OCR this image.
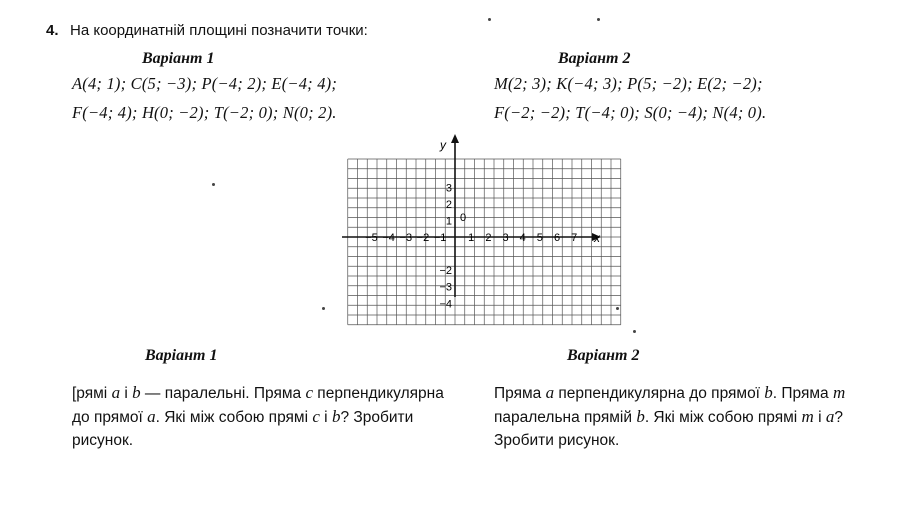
4. На координатній площині позначити точки:
Bapiaнт 1
A(4; 1); C(5; −3); P(−4; 2); E(−4; 4);
F(−4; 4); H(0; −2); T(−2; 0); N(0; 2).
Bapiaнт 2
M(2; 3); K(−4; 3); P(5; −2); E(2; −2);
F(−2; −2); T(−4; 0); S(0; −4); N(4; 0).
y
x
0
−5 −4 −3 −2 −1 1 2 3 4 5 6 7
3
2
1
−2
−3
−4
Варіант 1
[рямі a і b — паралельні. Пряма c перпендикулярна до прямої a. Які між собою прямі c і b? Зробити рисунок.
Варіант 2
Пряма a перпендикулярна до прямої b. Пряма m паралельна прямій b. Які між собою прямі m і a? Зробити рисунок.
